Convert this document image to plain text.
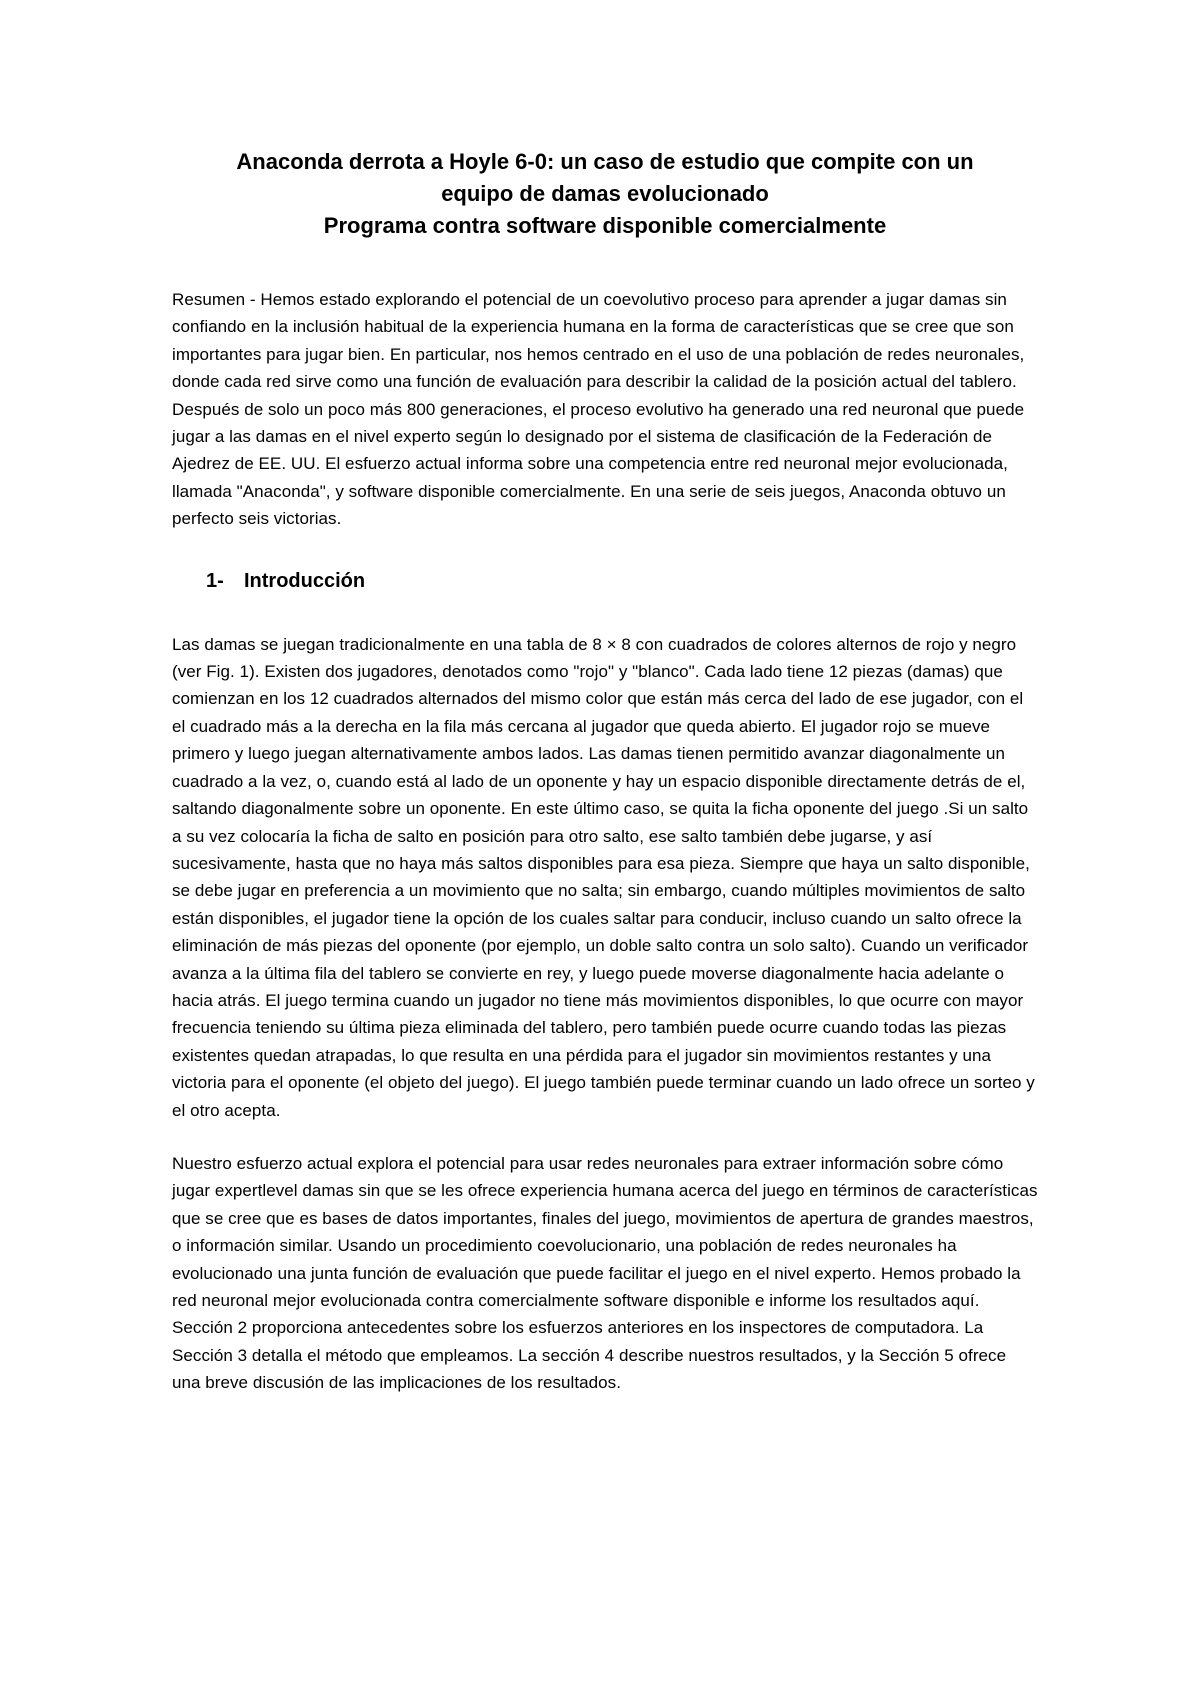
Anaconda derrota a Hoyle 6-0: un caso de estudio que compite con un
equipo de damas evolucionado
Programa contra software disponible comercialmente

Resumen - Hemos estado explorando el potencial de un coevolutivo proceso para aprender a jugar damas sin confiando en la inclusión habitual de la experiencia humana en la forma de características que se cree que son importantes para jugar bien. En particular, nos hemos centrado en el uso de una población de redes neuronales, donde cada red sirve como una función de evaluación para describir la calidad de la posición actual del tablero. Después de solo un poco más 800 generaciones, el proceso evolutivo ha generado una red neuronal que puede jugar a las damas en el nivel experto según lo designado por el sistema de clasificación de la Federación de Ajedrez de EE. UU. El esfuerzo actual informa sobre una competencia entre red neuronal mejor evolucionada, llamada "Anaconda", y software disponible comercialmente. En una serie de seis juegos, Anaconda obtuvo un perfecto seis victorias.

1- Introducción

Las damas se juegan tradicionalmente en una tabla de 8 × 8 con cuadrados de colores alternos de rojo y negro (ver Fig. 1). Existen dos jugadores, denotados como "rojo" y "blanco". Cada lado tiene 12 piezas (damas) que comienzan en los 12 cuadrados alternados del mismo color que están más cerca del lado de ese jugador, con el el cuadrado más a la derecha en la fila más cercana al jugador que queda abierto. El jugador rojo se mueve primero y luego juegan alternativamente ambos lados. Las damas tienen permitido avanzar diagonalmente un cuadrado a la vez, o, cuando está al lado de un oponente y hay un espacio disponible directamente detrás de el, saltando diagonalmente sobre un oponente. En este último caso, se quita la ficha oponente del juego .Si un salto a su vez colocaría la ficha de salto en posición para otro salto, ese salto también debe jugarse, y así sucesivamente, hasta que no haya más saltos disponibles para esa pieza. Siempre que haya un salto disponible, se debe jugar en preferencia a un movimiento que no salta; sin embargo, cuando múltiples movimientos de salto están disponibles, el jugador tiene la opción de los cuales saltar para conducir, incluso cuando un salto ofrece la eliminación de más piezas del oponente (por ejemplo, un doble salto contra un solo salto). Cuando un verificador avanza a la última fila del tablero se convierte en rey, y luego puede moverse diagonalmente hacia adelante o hacia atrás. El juego termina cuando un jugador no tiene más movimientos disponibles, lo que ocurre con mayor frecuencia teniendo su última pieza eliminada del tablero, pero también puede ocurre cuando todas las piezas existentes quedan atrapadas, lo que resulta en una pérdida para el jugador sin movimientos restantes y una victoria para el oponente (el objeto del juego). El juego también puede terminar cuando un lado ofrece un sorteo y el otro acepta.

Nuestro esfuerzo actual explora el potencial para usar redes neuronales para extraer información sobre cómo jugar expertlevel damas sin que se les ofrece experiencia humana acerca del juego en términos de características que se cree que es bases de datos importantes, finales del juego, movimientos de apertura de grandes maestros, o información similar. Usando un procedimiento coevolucionario, una población de redes neuronales ha evolucionado una junta función de evaluación que puede facilitar el juego en el nivel experto. Hemos probado la red neuronal mejor evolucionada contra comercialmente software disponible e informe los resultados aquí. Sección 2 proporciona antecedentes sobre los esfuerzos anteriores en los inspectores de computadora. La Sección 3 detalla el método que empleamos. La sección 4 describe nuestros resultados, y la Sección 5 ofrece una breve discusión de las implicaciones de los resultados.
